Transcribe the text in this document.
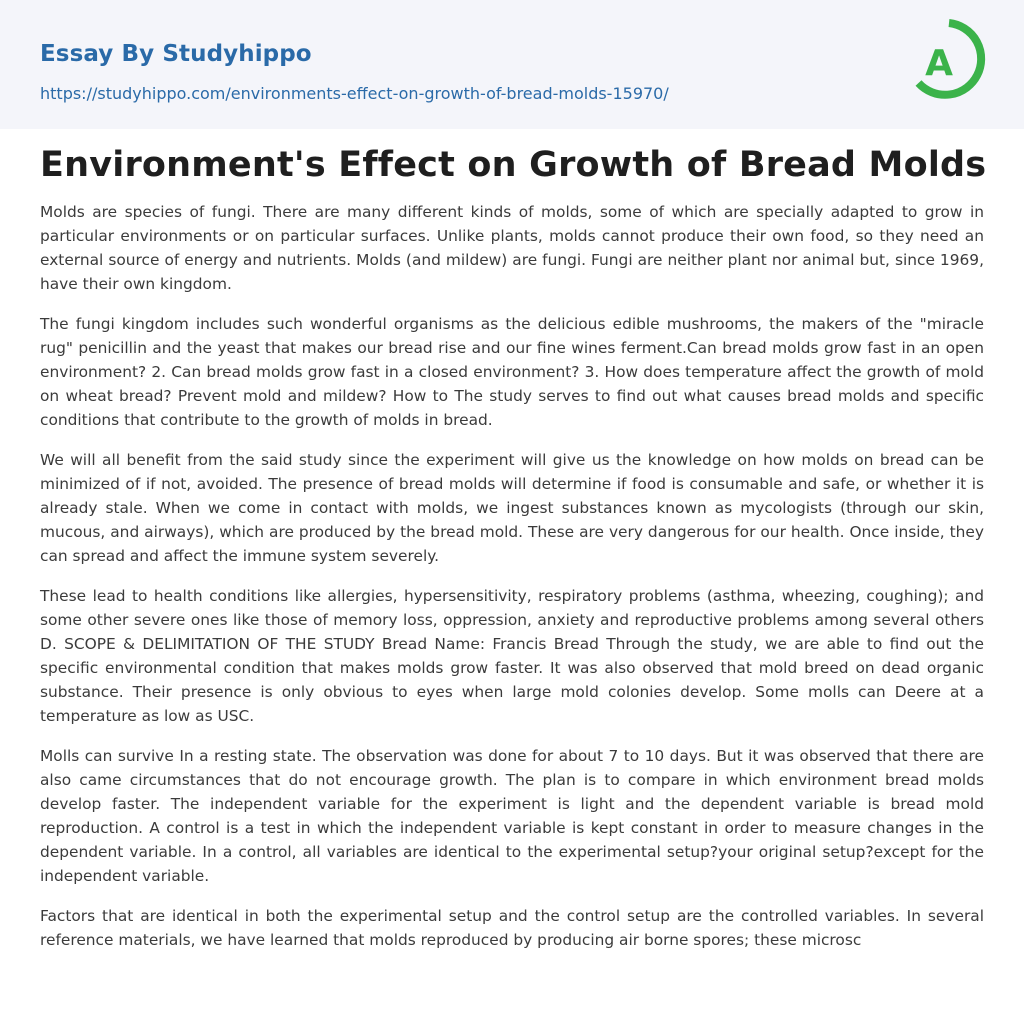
Essay By Studyhippo
https://studyhippo.com/environments-effect-on-growth-of-bread-molds-15970/
A
Environment's Effect on Growth of Bread Molds

Molds are species of fungi. There are many different kinds of molds, some of which are specially adapted to grow in particular environments or on particular surfaces. Unlike plants, molds cannot produce their own food, so they need an external source of energy and nutrients. Molds (and mildew) are fungi. Fungi are neither plant nor animal but, since 1969, have their own kingdom.

The fungi kingdom includes such wonderful organisms as the delicious edible mushrooms, the makers of the "miracle rug" penicillin and the yeast that makes our bread rise and our fine wines ferment.Can bread molds grow fast in an open environment? 2. Can bread molds grow fast in a closed environment? 3. How does temperature affect the growth of mold on wheat bread? Prevent mold and mildew? How to The study serves to find out what causes bread molds and specific conditions that contribute to the growth of molds in bread.

We will all benefit from the said study since the experiment will give us the knowledge on how molds on bread can be minimized of if not, avoided. The presence of bread molds will determine if food is consumable and safe, or whether it is already stale. When we come in contact with molds, we ingest substances known as mycologists (through our skin, mucous, and airways), which are produced by the bread mold. These are very dangerous for our health. Once inside, they can spread and affect the immune system severely.

These lead to health conditions like allergies, hypersensitivity, respiratory problems (asthma, wheezing, coughing); and some other severe ones like those of memory loss, oppression, anxiety and reproductive problems among several others D. SCOPE & DELIMITATION OF THE STUDY Bread Name: Francis Bread Through the study, we are able to find out the specific environmental condition that makes molds grow faster. It was also observed that mold breed on dead organic substance. Their presence is only obvious to eyes when large mold colonies develop. Some molls can Deere at a temperature as low as USC.

Molls can survive In a resting state. The observation was done for about 7 to 10 days. But it was observed that there are also came circumstances that do not encourage growth. The plan is to compare in which environment bread molds develop faster. The independent variable for the experiment is light and the dependent variable is bread mold reproduction. A control is a test in which the independent variable is kept constant in order to measure changes in the dependent variable. In a control, all variables are identical to the experimental setup?your original setup?except for the independent variable.

Factors that are identical in both the experimental setup and the control setup are the controlled variables. In several reference materials, we have learned that molds reproduced by producing air borne spores; these microsc
